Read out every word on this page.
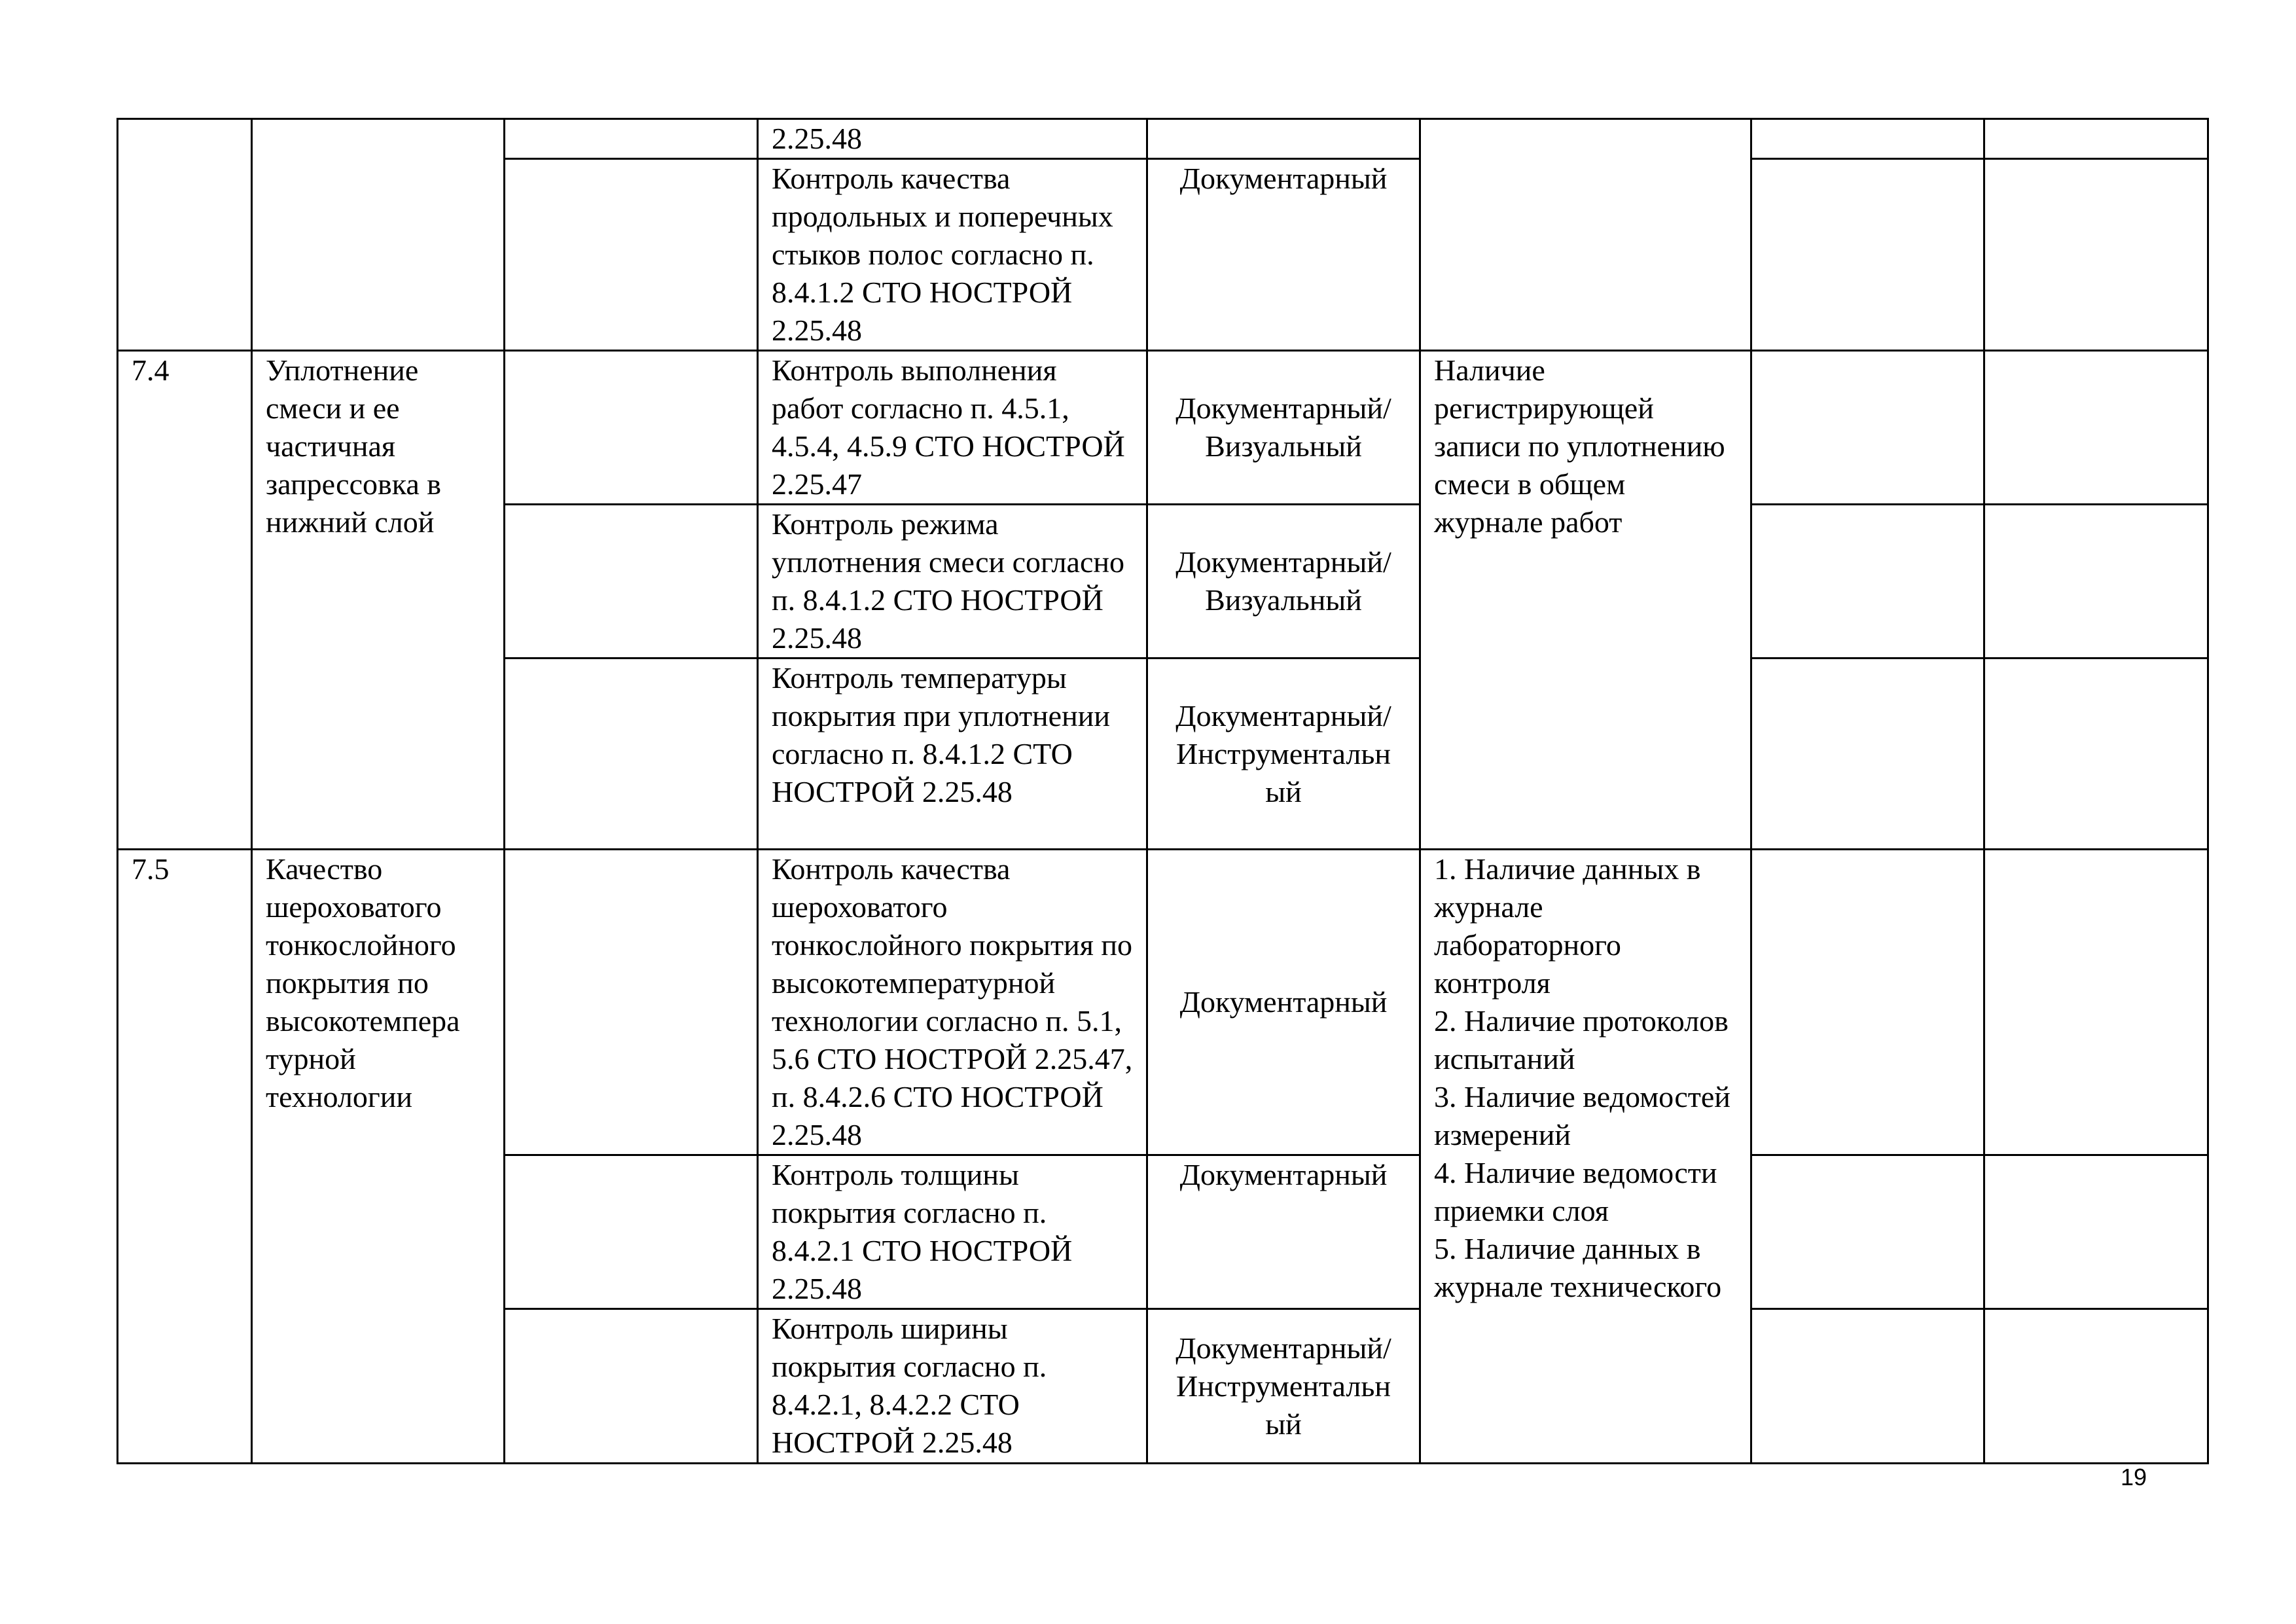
			2.25.48				
			Контроль качества продольных и поперечных стыков полос согласно п. 8.4.1.2 СТО НОСТРОЙ 2.25.48	Документарный			
7.4	Уплотнение смеси и ее частичная запрессовка в нижний слой		Контроль выполнения работ согласно п. 4.5.1, 4.5.4, 4.5.9 СТО НОСТРОЙ 2.25.47	Документарный/
Визуальный	Наличие регистрирующей записи по уплотнению смеси в общем журнале работ		
			Контроль режима уплотнения смеси согласно п. 8.4.1.2 СТО НОСТРОЙ 2.25.48	Документарный/
Визуальный			
			Контроль температуры покрытия при уплотнении согласно п. 8.4.1.2 СТО НОСТРОЙ 2.25.48	Документарный/
Инструментальн
ый			
7.5	Качество шероховатого тонкослойного покрытия по высокотемпера турной технологии		Контроль качества шероховатого тонкослойного покрытия по высокотемпературной технологии согласно п. 5.1, 5.6 СТО НОСТРОЙ 2.25.47, п. 8.4.2.6 СТО НОСТРОЙ 2.25.48	Документарный	1. Наличие данных в журнале лабораторного контроля
2. Наличие протоколов испытаний
3. Наличие ведомостей измерений
4. Наличие ведомости приемки слоя
5. Наличие данных в журнале технического		
			Контроль толщины покрытия согласно п. 8.4.2.1 СТО НОСТРОЙ 2.25.48	Документарный			
			Контроль ширины покрытия согласно п. 8.4.2.1, 8.4.2.2 СТО НОСТРОЙ 2.25.48	Документарный/
Инструментальн
ый			
19
